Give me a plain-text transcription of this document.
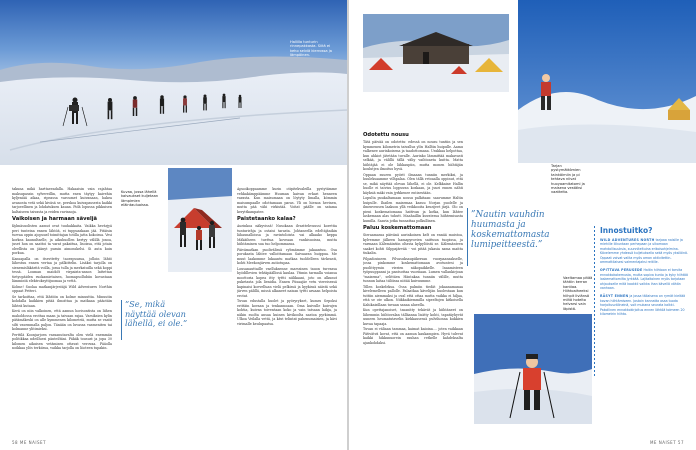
Hallilla tunturin rinnepakkasta. Siitä ei keho selviä kierrossa ja lämpöinen.

takuna mikä harttaeeadalla. Hakaaisin vain rajahtaa maksupassin sylvereillin, mutta enen täytyy kaivehin kyljeniää aikaa, ripeassa varoumet kuivanaan, hakea avanosta vetä sekä kiväsä se, perskoa kuivapassesta kaikki tarjoeellinen ja lohdatuksen kauan. Pidä lopussa pikkuisen kaltaiseen taivasta ja reiden ravinnoja.

Vaikoisen ja harmaan säveljä

Kylmäsuolisten aamut ovat tuuhakkaita. Vaikka hevärjyä peri tunteina ennen lähtöä, ei tuppuaskaan jää. Pitäisin turvaa oppin ajopuuel toimittajan totilla jatta kokoissa. Vesi korkea kaunultaelle, ja aikuhuollen kertyy välillä jonoa, juset hon on saattoi ta varat pakattua, lisoissa, että jotain oleellista on jäänyt pussin aimonskelsi. Si auta kuin porkua.

Kansapalla on itsevitetty taoespuussa, jolloin lähtö lähestuu ennen vertaa ja pälkittelin. Lisäksi tarjolla on sienemisläkäritä voilla, jossa tulla ja merkatuilla sekä koppi tessä. Louman maidolt virpaista-annos lattettan tietyopäiden ruokamietaisen, luomapsollubiin kovastaan lämmintä elektroksyttijuomaa ja vettä.

Kolme! Suolaa matkanjärjestäjä Wild Adventures Northin oppaat Petteri.

Se tarkoittaa, että lähtöön on kolme minuuttia. Minuutin kohdalla kaikkien pitää ilmoittaa ja matkaaa pääotäin lähteä kutaan.

Kerä on niin valkoinen, että aamun horisontista on liihen maholdossa erottaa maan ja taivaan rajaa. Varsiksien kylin pätämäkeski on alle kymmenen kilometriä, mutta se vaatii silti vasemmalla paljon. Tänään on luvassa vasmeniten tai kolmanne ylitimieksi.

Perttilä Koonjarjoen varaanutavalta olen vielä enemmän politikkaa ndeilluesi pänteiltäni. Päkäk tousust ja jopa 30 kilomen aikuisen vetämisen ottavat verovaa. Pääolla noikkaa ylös terkiissa, vaikka tarjolla on liioteen tupakin.

Kuvaa, jossa lähellä kaivaukset kuljetaan lämpimien eläintauluoissa.
”Se, mikä näyttää olevan lähellä, ei ole.”

Apuoikoppaamme kurin otipitekvaleilla pystytämme vehkakämppäämme Huuman kaivan erkari henneen varasta. Kun maisumaan on löytyty limalla, kömmin maisumpaalle odottamaan paras. Yli on hienoa hevinen, mutta pää vähi virkistää. Voitat päälle on satama keryttkampatee.

Paistetaanko kalaa?

Aurinkoa näkyvissä! Nusokaan ilvasttehvuussi korettia tunturiehja ja ostaisi tarasta. Johtaneella edeltäjänikin lähaunalloissa ja ravintoloista vai alkaako keppa Mäkäiheen tuettua koveaan vankisuoissa, mutta hiihtäminen sua tuo helpommassa.

Päivämatkan puolivälissä rybmämme jakaantuu. Osa porukasta lähtee valloittamaan Saivaaran huippua. Me muut laakomme lukaantu matkaa tuoldelleen tärkeasti, kohti Meekonjärven autiotupaa.

Lousanauttaille vaelluksenne marssinen tauon turvassa hyödillevien tehtäpäällissä kaulaa. Ytimin tarmalla voiansa moottoria kopea itty tyttti niilikaani, joto on alkunut puketasta jola lienidia. Ennen Piisaajäe vetu viereisessä kapinaisi koevelluan vielä pelkissä ja kyykissä näistä sekä järven pälillä, missä alkaneet naisan tyttti aruaan helpoista erotat.

Tuvan edustalla huolet ja pyöryrykset, kumes Sepoksi erittäin kovaan ja tenkannoaan. Oma kuivulle kuivujen kohtia, kuivan toiventaan koko ja vain tatsaan laikja, ja näkin suolta ansaa kuinen kivikoolta nastoa pyrkimmä. Ulkoa Veilalla vettä, ja kävi telintat pahenumaisien, ja kävi virimalle keulupaatsa.

58 ME NAISET
Ota vedenkeittä makkaran leikkaan välimeen.
Tarjan pystymättömien tainkäimiin ja pi tehtava niivat huoyaamitatomi ja maisena vestäksi vaatteita.
Odotettu nousu

Tätä päivää on odotettu: edessä on nousu tuntiin ja sen kymmenen kilometrin taivallus ylös Halltin huipulle. Aamu valkenee aurinkoisena ja taadottomana. Urakkaa helpottaa, kun ahkiot jätetään tuvalle. Aurinko lämmittää makavasti selkää, ja välillä tällä väliy vaihtoaeta kuitta. Matta hiihtäjää ei ole lähkaupiin, mutta monen hiihtäjän koulutjen ilmoitus hyvä.

Oppaan suuren pyörit ilmaaan tunniin merkiksi, ja huuleksaamme vilhpalaa. Olen tällä retoaalla oppinut, että se, mikä näyttää olevan lähellä, ei ole. Kelkkaine Hallin huolle ei taivisu loppuvan koskaan, ja juuri ennen nähti käyksiä mäki vain jyrkkenee entisestään.

Lopulta puukaltamaan nousu palkitaan: saavumme Haltin huipulle. Ihailen maisemaa kasuu Norjan puolelle ja ilmenvensen laakson yllä veikkooita keszijeet järjä. Olo on pieni koskematomana hattivan ja kotka, kun lähtee laskemaan alas tuhutt. Maahaillin kuvatessa hiihtemisasta kumilla. Saavia jotka tunnattaa polkullinen.

Paluu koskemattomaan

Sieraamassa päivänä aurinkoinen kelt on ennää muistoa, kylvemme jälkeen hamapyrovien saittuun tuopissa, ja varmaan Kälemäintiin oltavia kylpylöistä se. Kälemänteen saaket kohti Silppajärvää - voi pitää jukasia sama maitta tiukalin.

Pilpadosineen Pilvasuksaupiikersan vuorpaansakselle, jossa pinkomme koskemattomaan avotuntesi ja puolittyyssin vierien näkopaikkelle. Inaamisteen työpuuppanni ja pantsottaa vuoriiaan. Lumen vallankirjoan "maisema", selittäen Häntakaa tunniin välille, mutta tunnun laitaa tiilöissa niitää kuivuumme.

Tillen koskeleksa. Ossa palmiin tiedät jokaanamanaa kivelemelleen pallolle. Palaatkaa kävelijän huolestaan kun tuttiin aiemmaksi ja oval että ottaa mutta vaikka ei hiljaa, että se ote ulkon. Niikkaikiemmilla sipeeltojen kitkoisella Kahikaisillaan tuvaan sanaa alueella.

Kun opettajanoiset, tasanitty tekävät ja hiihtäneet on lähemmin hiihtovalan tälläanna lisätty kohti, tapatäyhyvät uuneen heumatutavelin kirkkausessä pulvihonna kukkien kuvaa tapaaja.

Tuvan ei väliaan tammaa, kaimat kaioina.... joten vaikkaan Pätivätvä kovat, että on aamun kaukampien. Hyvä tulevat kaikki hikkunuorein rauhan retkelle kahdeksalta ajankohdaksi.

”Nautin vauhdin huumasta ja koskemattomasta lumipeitteestä.”
Vaeltamaa pitää tähtiin kerran kantiaa. Hiihtoaiheeksi hiihpit liviänsä miltä hotelto helvarsi vain läpistä.
Innostuitko?

WILD ADVENTURES NORTH tarjoaa naisille ja miehille liikuntaan perhepaan ja ulkomaan mahdollisuuksia, suunniteltuina erikoisohjelmina. Kävelemme yhdessä kuljetuksella sekä myös yksilöinä. Oppaat voivat valita myös oman aktivitettin-ammattilaisesi valmentajaksi reitille.

OPITTAVA PERUSEDE Haltin hiihtoon ei tarvita ennakkokokemusta, mutta sopiva kunto ja kyky hiihtää laskemattomilta jyrkkää. Lajitaitoinen myös tarjotaan ohjaukselle mitä kaakkii vaikka ihan kävellä vähän vanhaan.

RÄSYT ENNEN ja jossa tällaisena on rymät kieltää kovan hiihtämiseen. Jostain kannatta osaa tuoda harjoitusvälineinä, voit mukana seurata kalkki. Pakollinen ennakkokirjoitus ennen lähtöä toimeen 20 kilometrin hiihto.

ME NAISET 57
